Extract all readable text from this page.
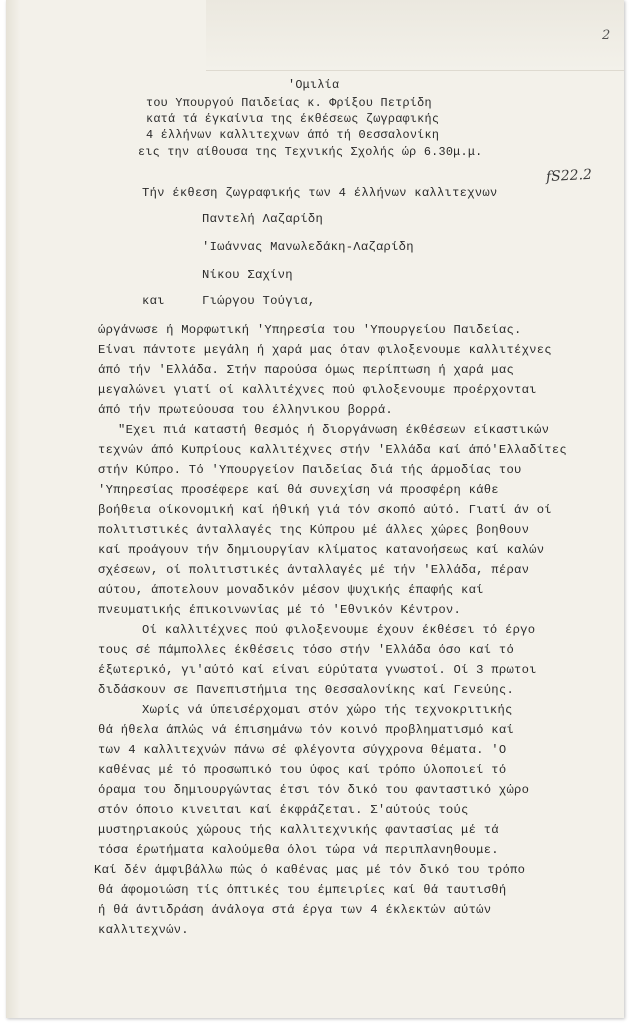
2
'Ομιλία
του Υπουργού Παιδείας κ. Φρίξου Πετρίδη
κατά τά έγκαίνια της έκθέσεως ζωγραφικής
4 έλλήνων καλλιτεχνων άπό τή Θεσσαλονίκη
εις την αίθουσα της Τεχνικής Σχολής ώρ 6.30μ.μ.
fS22.2
Τήν έκθεση ζωγραφικής των 4 έλλήνων καλλιτεχνων
Παντελή Λαζαρίδη
'Ιωάννας Μανωλεδάκη-Λαζαρίδη
Νίκου Σαχίνη
και	Γιώργου Τούγια,
ώργάνωσε ή Μορφωτική 'Υπηρεσία του 'Υπουργείου Παιδείας.
Είναι πάντοτε μεγάλη ή χαρά μας όταν φιλοξενουμε καλλιτέχνες
άπό τήν 'Ελλάδα. Στήν παρούσα όμως περίπτωση ή χαρά μας
μεγαλώνει γιατί οί καλλιτέχνες πού φιλοξενουμε προέρχονται
άπό τήν πρωτεύουσα του έλληνικου βορρά.
"Εχει πιά καταστή θεσμός ή διοργάνωση έκθέσεων είκαστικών
τεχνών άπό Κυπρίους καλλιτέχνες στήν 'Ελλάδα καί άπό'Ελλαδίτες
στήν Κύπρο. Τό 'Υπουργείον Παιδείας διά τής άρμοδίας του
'Υπηρεσίας προσέφερε καί θά συνεχίση νά προσφέρη κάθε
βοήθεια οίκονομική καί ήθική γιά τόν σκοπό αύτό. Γιατί άν οί
πολιτιστικές άνταλλαγές της Κύπρου μέ άλλες χώρες βοηθουν
καί προάγουν τήν δημιουργίαν κλίματος κατανοήσεως καί καλών
σχέσεων, οί πολιτιστικές άνταλλαγές μέ τήν 'Ελλάδα, πέραν
αύτου, άποτελουν μοναδικόν μέσον ψυχικής έπαφής καί
πνευματικής έπικοινωνίας μέ τό 'Εθνικόν Κέντρον.
Οί καλλιτέχνες πού φιλοξενουμε έχουν έκθέσει τό έργο
τους σέ πάμπολλες έκθέσεις τόσο στήν 'Ελλάδα όσο καί τό
έξωτερικό, γι'αύτό καί είναι εύρύτατα γνωστοί. Οί 3 πρωτοι
διδάσκουν σε Πανεπιστήμια της Θεσσαλονίκης καί Γενεύης.
Χωρίς νά ύπεισέρχομαι στόν χώρο τής τεχνοκριτικής
θά ήθελα άπλώς νά έπισημάνω τόν κοινό προβληματισμό καί
των 4 καλλιτεχνών πάνω σέ φλέγοντα σύγχρονα θέματα. 'Ο
καθένας μέ τό προσωπικό του ύφος καί τρόπο ύλοποιεί τό
όραμα του δημιουργώντας έτσι τόν δικό του φανταστικό χώρο
στόν όποιο κινειται καί έκφράζεται. Σ'αύτούς τούς
μυστηριακούς χώρους τής καλλιτεχνικής φαντασίας μέ τά
τόσα έρωτήματα καλούμεθα όλοι τώρα νά περιπλανηθουμε.
Καί δέν άμφιβάλλω πώς ό καθένας μας μέ τόν δικό του τρόπο
θά άφομοιώση τίς όπτικές του έμπειρίες καί θά ταυτισθή
ή θά άντιδράση άνάλογα στά έργα των 4 έκλεκτών αύτών
καλλιτεχνών.
